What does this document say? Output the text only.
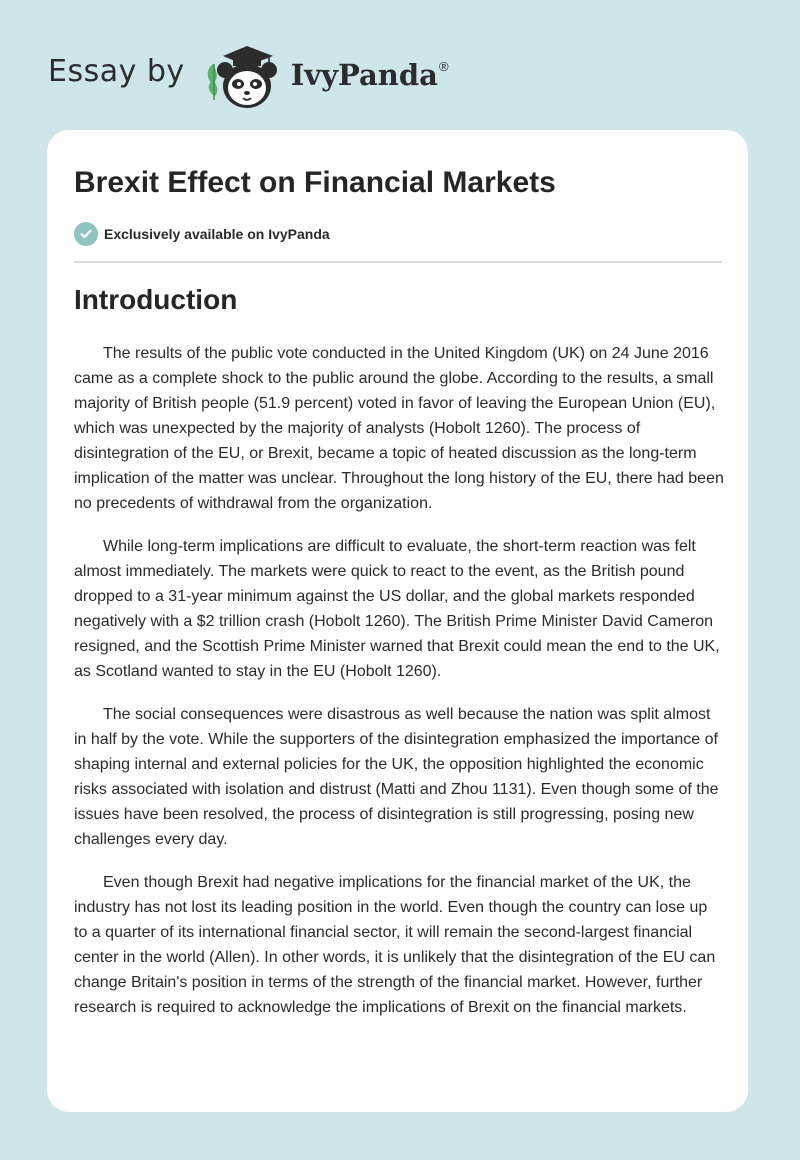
Essay by	IvyPanda®
Brexit Effect on Financial Markets
Exclusively available on IvyPanda
Introduction

The results of the public vote conducted in the United Kingdom (UK) on 24 June 2016 came as a complete shock to the public around the globe. According to the results, a small majority of British people (51.9 percent) voted in favor of leaving the European Union (EU), which was unexpected by the majority of analysts (Hobolt 1260). The process of disintegration of the EU, or Brexit, became a topic of heated discussion as the long-term implication of the matter was unclear. Throughout the long history of the EU, there had been no precedents of withdrawal from the organization.

While long-term implications are difficult to evaluate, the short-term reaction was felt almost immediately. The markets were quick to react to the event, as the British pound dropped to a 31-year minimum against the US dollar, and the global markets responded negatively with a $2 trillion crash (Hobolt 1260). The British Prime Minister David Cameron resigned, and the Scottish Prime Minister warned that Brexit could mean the end to the UK, as Scotland wanted to stay in the EU (Hobolt 1260).

The social consequences were disastrous as well because the nation was split almost in half by the vote. While the supporters of the disintegration emphasized the importance of shaping internal and external policies for the UK, the opposition highlighted the economic risks associated with isolation and distrust (Matti and Zhou 1131). Even though some of the issues have been resolved, the process of disintegration is still progressing, posing new challenges every day.

Even though Brexit had negative implications for the financial market of the UK, the industry has not lost its leading position in the world. Even though the country can lose up to a quarter of its international financial sector, it will remain the second-largest financial center in the world (Allen). In other words, it is unlikely that the disintegration of the EU can change Britain's position in terms of the strength of the financial market. However, further research is required to acknowledge the implications of Brexit on the financial markets.
